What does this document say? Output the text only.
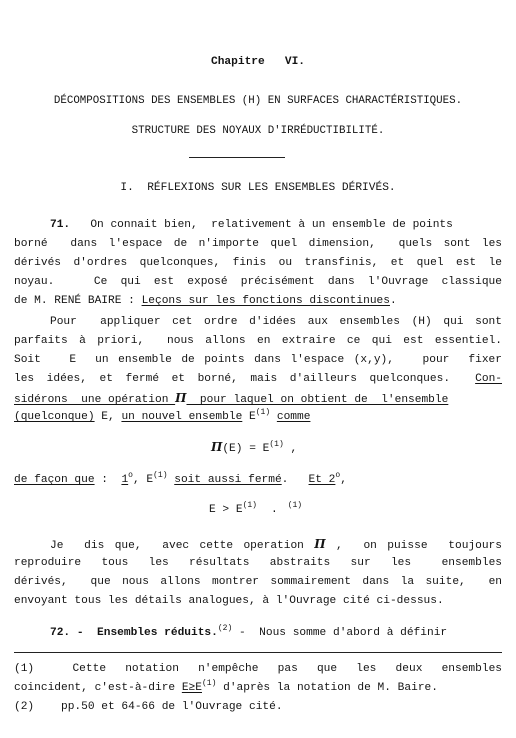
Chapitre   VI.
DÉCOMPOSITIONS DES ENSEMBLES (H) EN SURFACES CHARACTÉRISTIQUES.
STRUCTURE DES NOYAUX D'IRRÉDUCTIBILITÉ.
I.  RÉFLEXIONS SUR LES ENSEMBLES DÉRIVÉS.
71. On connait bien,  relativement à un ensemble de points
borné  dans l'espace de n'importe quel dimension,  quels sont les
dérivés d'ordres quelconques, finis ou transfinis, et quel est le
noyau.   Ce qui est exposé précisément dans l'Ouvrage classique
de M. RENÉ BAIRE : Leçons sur les fonctions discontinues.
Pour  appliquer cet ordre d'idées aux ensembles (H) qui sont
parfaits à priori,  nous allons en extraire ce qui est essentiel.
Soit   E  un ensemble de points dans l'espace (x,y),   pour  fixer
les idées, et fermé et borné, mais d'ailleurs quelconques.  Con-
sidérons  une opération Π  pour laquel on obtient de  l'ensemble
(quelconque) E, un nouvel ensemble $E^{(1)}$ comme
$\Pi(E) = E^{(1)}$ ,
de façon que :  1$^o$, $E^{(1)}$ soit aussi fermé.   Et 2$^o$,
$E > E^{(1)}$ . $^{(1)}$
Je  dis que,  avec cette operation Π ,  on puisse  toujours
reproduire  tous  les  résultats  abstraits  sur  les   ensembles
dérivés,  que nous allons montrer sommairement dans la suite,  en
envoyant tous les détails analogues, à l'Ouvrage cité ci-dessus.
72. - Ensembles réduits.$^{(2)}$ -  Nous somme d'abord à définir
(1)    Cette  notation  n'empêche  pas  que  les  deux  ensembles
coincident, c'est-à-dire $E\ge E^{(1)}$ d'après la notation de M. Baire.
(2)    pp.50 et 64-66 de l'Ouvrage cité.
